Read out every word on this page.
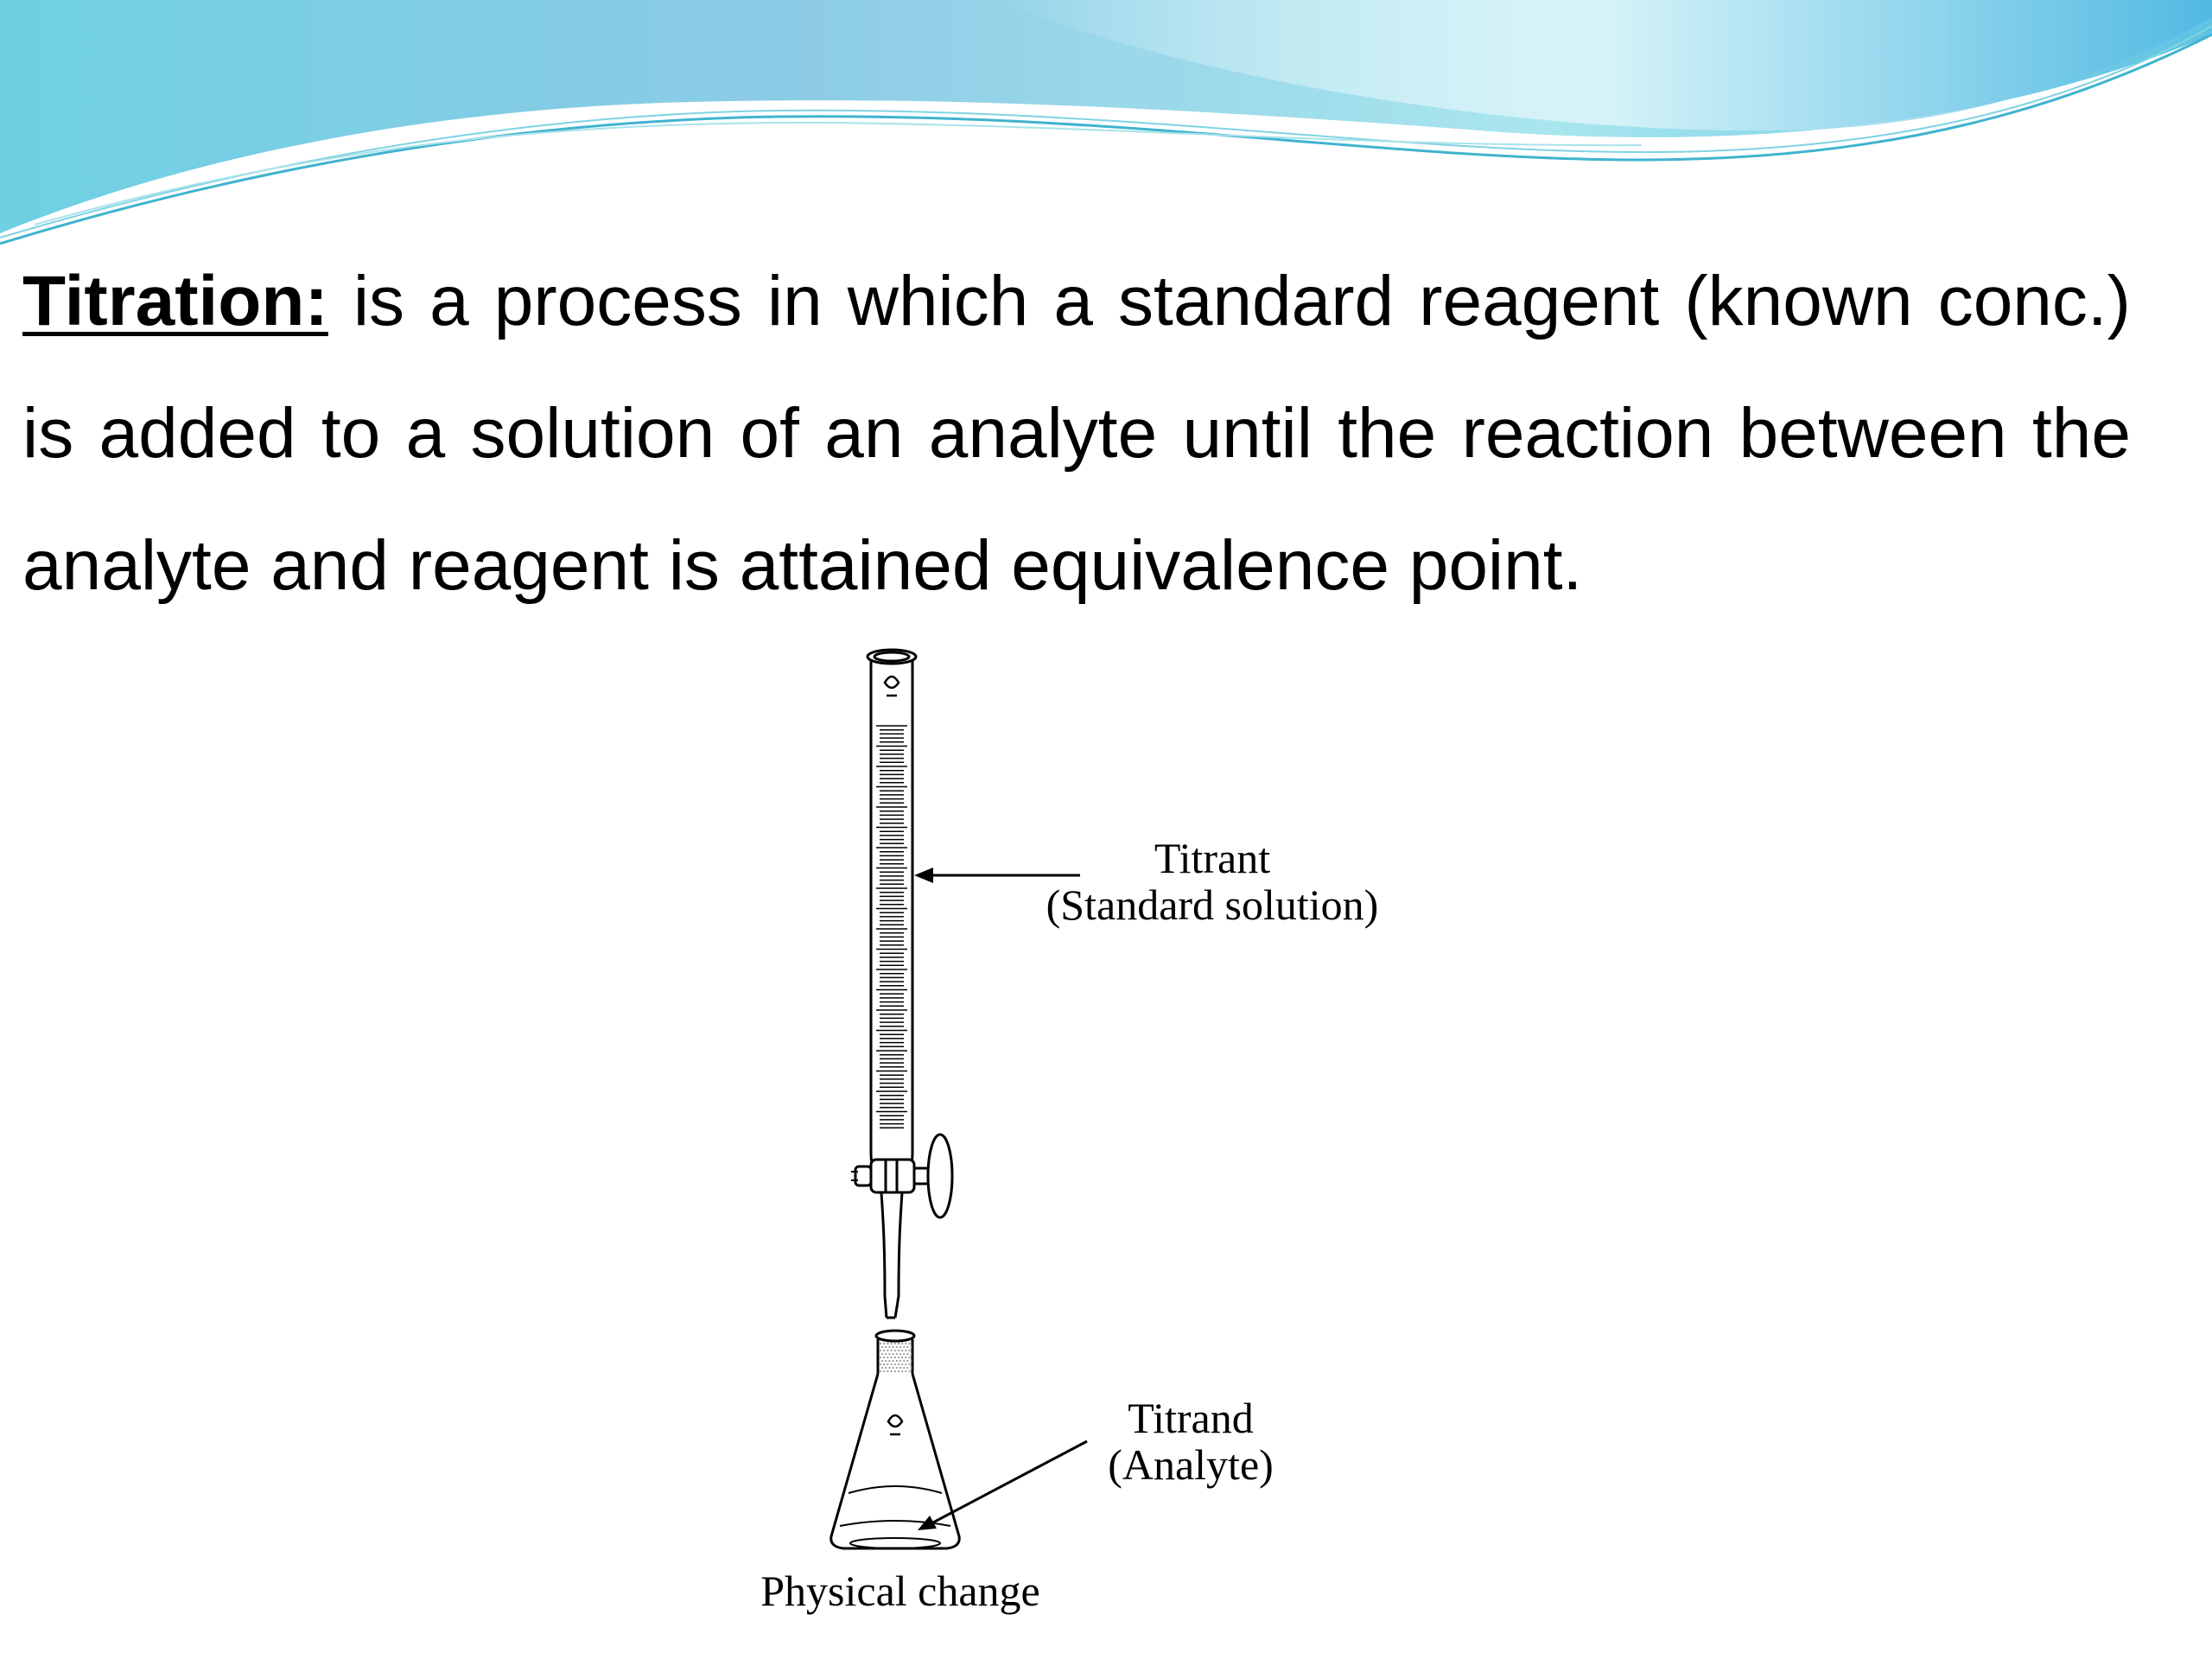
Titration: is a process in which a standard reagent (known conc.) is added to a solution of an analyte until the reaction between the analyte and reagent is attained equivalence point.

Titrant
(Standard solution)
Titrand
(Analyte)
Physical change
